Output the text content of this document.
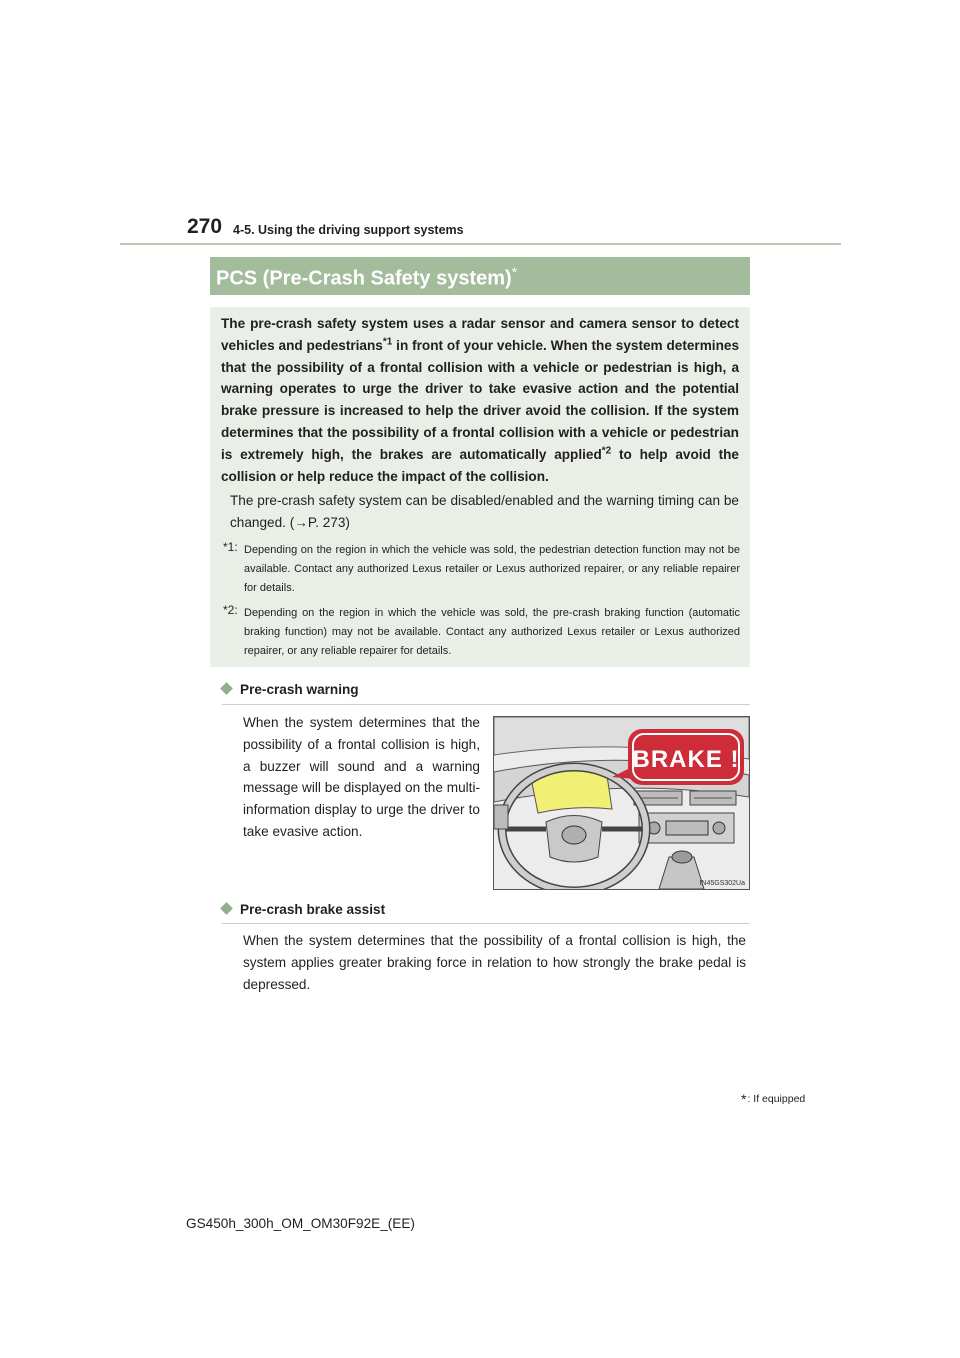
270 4-5. Using the driving support systems
PCS (Pre-Crash Safety system)*
The pre-crash safety system uses a radar sensor and camera sensor to detect vehicles and pedestrians$^{*1}$ in front of your vehicle. When the system determines that the possibility of a frontal collision with a vehicle or pedestrian is high, a warning operates to urge the driver to take evasive action and the potential brake pressure is increased to help the driver avoid the collision. If the system determines that the possibility of a frontal collision with a vehicle or pedestrian is extremely high, the brakes are automatically applied$^{*2}$ to help avoid the collision or help reduce the impact of the collision.
The pre-crash safety system can be disabled/enabled and the warning timing can be changed. (→P. 273)
*1: Depending on the region in which the vehicle was sold, the pedestrian detection function may not be available. Contact any authorized Lexus retailer or Lexus authorized repairer, or any reliable repairer for details.
*2: Depending on the region in which the vehicle was sold, the pre-crash braking function (automatic braking function) may not be available. Contact any authorized Lexus retailer or Lexus authorized repairer, or any reliable repairer for details.
Pre-crash warning
When the system determines that the possibility of a frontal collision is high, a buzzer will sound and a warning message will be displayed on the multi-information display to urge the driver to take evasive action.
BRAKE !
IN45GS302Ua
Pre-crash brake assist
When the system determines that the possibility of a frontal collision is high, the system applies greater braking force in relation to how strongly the brake pedal is depressed.
*: If equipped
GS450h_300h_OM_OM30F92E_(EE)
